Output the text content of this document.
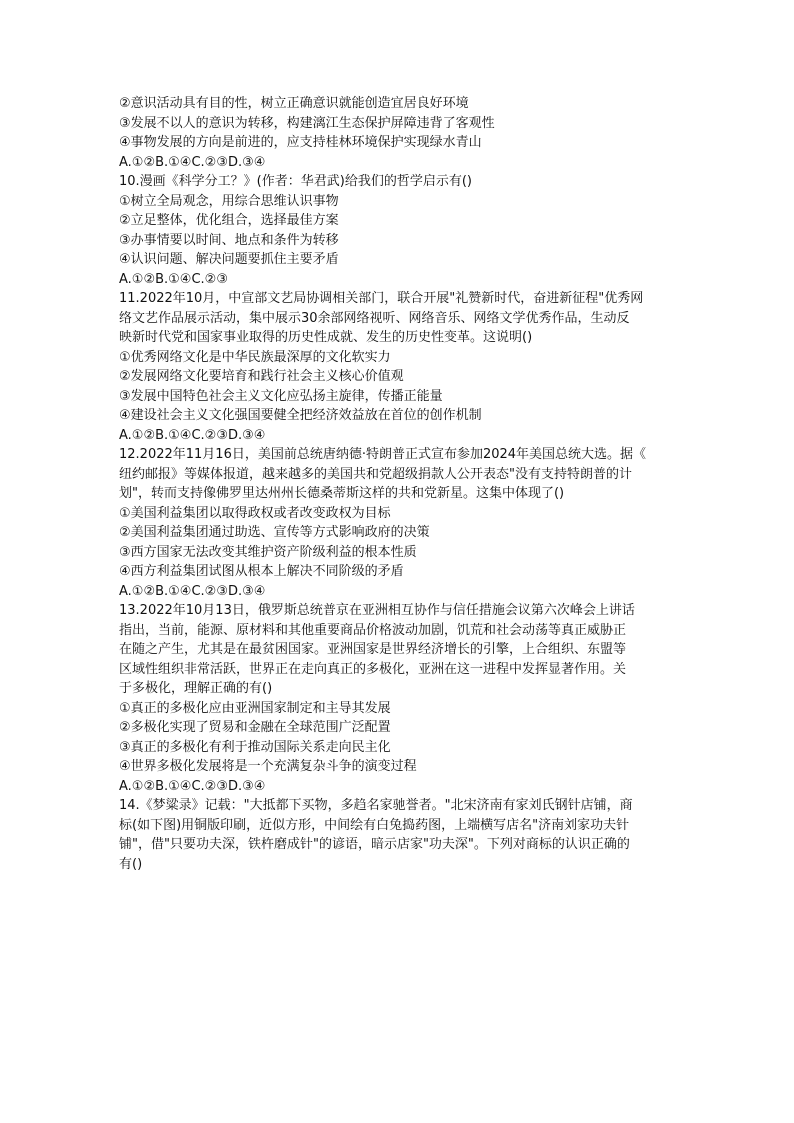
②意识活动具有目的性，树立正确意识就能创造宜居良好环境
③发展不以人的意识为转移，构建漓江生态保护屏障违背了客观性
④事物发展的方向是前进的，应支持桂林环境保护实现绿水青山
A.①②B.①④C.②③D.③④
10.漫画《科学分工？》(作者：华君武)给我们的哲学启示有()
①树立全局观念，用综合思维认识事物
②立足整体，优化组合，选择最佳方案
③办事情要以时间、地点和条件为转移
④认识问题、解决问题要抓住主要矛盾
A.①②B.①④C.②③
11.2022年10月，中宣部文艺局协调相关部门，联合开展"礼赞新时代，奋进新征程"优秀网
络文艺作品展示活动，集中展示30余部网络视听、网络音乐、网络文学优秀作品，生动反
映新时代党和国家事业取得的历史性成就、发生的历史性变革。这说明()
①优秀网络文化是中华民族最深厚的文化软实力
②发展网络文化要培育和践行社会主义核心价值观
③发展中国特色社会主义文化应弘扬主旋律，传播正能量
④建设社会主义文化强国要健全把经济效益放在首位的创作机制
A.①②B.①④C.②③D.③④
12.2022年11月16日，美国前总统唐纳德·特朗普正式宣布参加2024年美国总统大选。据《
纽约邮报》等媒体报道，越来越多的美国共和党超级捐款人公开表态"没有支持特朗普的计
划"，转而支持像佛罗里达州州长德桑蒂斯这样的共和党新星。这集中体现了()
①美国利益集团以取得政权或者改变政权为目标
②美国利益集团通过助选、宣传等方式影响政府的决策
③西方国家无法改变其维护资产阶级利益的根本性质
④西方利益集团试图从根本上解决不同阶级的矛盾
A.①②B.①④C.②③D.③④
13.2022年10月13日，俄罗斯总统普京在亚洲相互协作与信任措施会议第六次峰会上讲话
指出，当前，能源、原材料和其他重要商品价格波动加剧，饥荒和社会动荡等真正威胁正
在随之产生，尤其是在最贫困国家。亚洲国家是世界经济增长的引擎，上合组织、东盟等
区域性组织非常活跃，世界正在走向真正的多极化，亚洲在这一进程中发挥显著作用。关
于多极化，理解正确的有()
①真正的多极化应由亚洲国家制定和主导其发展
②多极化实现了贸易和金融在全球范围广泛配置
③真正的多极化有利于推动国际关系走向民主化
④世界多极化发展将是一个充满复杂斗争的演变过程
A.①②B.①④C.②③D.③④
14.《梦粱录》记载："大抵都下买物，多趋名家驰誉者。"北宋济南有家刘氏钢针店铺，商
标(如下图)用铜版印刷，近似方形，中间绘有白兔捣药图，上端横写店名"济南刘家功夫针
铺"，借"只要功夫深，铁杵磨成针"的谚语，暗示店家"功夫深"。下列对商标的认识正确的
有()
